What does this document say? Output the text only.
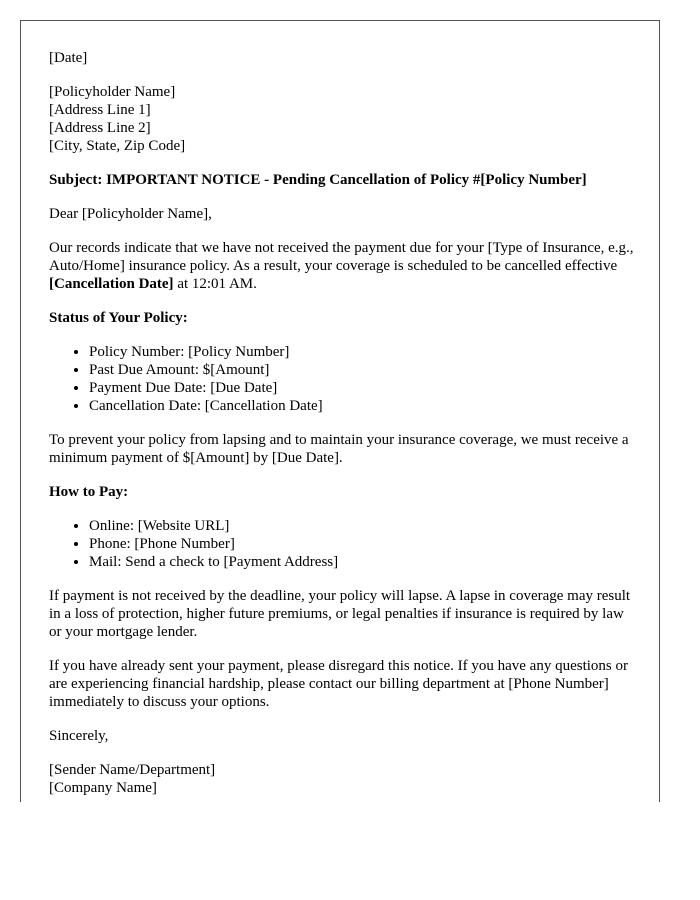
[Date]

[Policyholder Name]
[Address Line 1]
[Address Line 2]
[City, State, Zip Code]

Subject: IMPORTANT NOTICE - Pending Cancellation of Policy #[Policy Number]

Dear [Policyholder Name],

Our records indicate that we have not received the payment due for your [Type of Insurance, e.g., Auto/Home] insurance policy. As a result, your coverage is scheduled to be cancelled effective [Cancellation Date] at 12:01 AM.

Status of Your Policy:

• Policy Number: [Policy Number]
• Past Due Amount: $[Amount]
• Payment Due Date: [Due Date]
• Cancellation Date: [Cancellation Date]

To prevent your policy from lapsing and to maintain your insurance coverage, we must receive a minimum payment of $[Amount] by [Due Date].

How to Pay:

• Online: [Website URL]
• Phone: [Phone Number]
• Mail: Send a check to [Payment Address]

If payment is not received by the deadline, your policy will lapse. A lapse in coverage may result in a loss of protection, higher future premiums, or legal penalties if insurance is required by law or your mortgage lender.

If you have already sent your payment, please disregard this notice. If you have any questions or are experiencing financial hardship, please contact our billing department at [Phone Number] immediately to discuss your options.

Sincerely,

[Sender Name/Department]
[Company Name]
